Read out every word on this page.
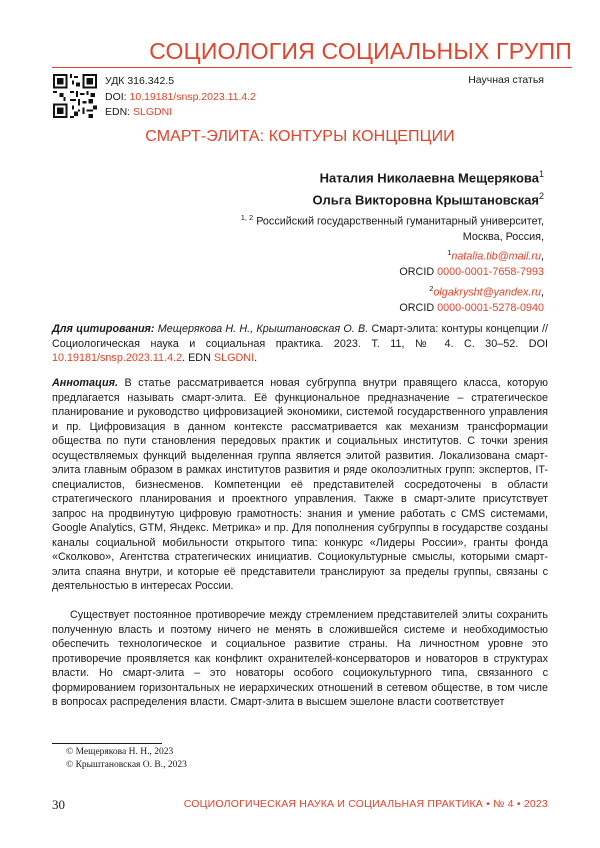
СОЦИОЛОГИЯ СОЦИАЛЬНЫХ ГРУПП
УДК 316.342.5
DOI: 10.19181/snsp.2023.11.4.2
EDN: SLGDNI
Научная статья
СМАРТ-ЭЛИТА: КОНТУРЫ КОНЦЕПЦИИ
Наталия Николаевна Мещерякова$^1$
Ольга Викторовна Крыштановская$^2$
$^{1, 2}$ Российский государственный гуманитарный университет,
Москва, Россия,
$^1$natalia.tib@mail.ru,
ORCID 0000-0001-7658-7993
$^2$olgakrysht@yandex.ru,
ORCID 0000-0001-5278-0940
Для цитирования: Мещерякова Н. Н., Крыштановская О. В. Смарт-элита: контуры концепции // Социологическая наука и социальная практика. 2023. Т. 11, № 4. С. 30–52. DOI 10.19181/snsp.2023.11.4.2. EDN SLGDNI.
Аннотация. В статье рассматривается новая субгруппа внутри правящего класса, которую предлагается называть смарт-элита. Её функциональное предназначение – стратегическое планирование и руководство цифровизацией экономики, системой государственного управления и пр. Цифровизация в данном контексте рассматривается как механизм трансформации общества по пути становления передовых практик и социальных институтов. С точки зрения осуществляемых функций выделенная группа является элитой развития. Локализована смарт-элита главным образом в рамках институтов развития и ряде околоэлитных групп: экспертов, IT-специалистов, бизнесменов. Компетенции её представителей сосредоточены в области стратегического планирования и проектного управления. Также в смарт-элите присутствует запрос на продвинутую цифровую грамотность: знания и умение работать с CMS системами, Google Analytics, GTM, Яндекс. Метрика» и пр. Для пополнения субгруппы в государстве созданы каналы социальной мобильности открытого типа: конкурс «Лидеры России», гранты фонда «Сколково», Агентства стратегических инициатив. Социокультурные смыслы, которыми смарт-элита спаяна внутри, и которые её представители транслируют за пределы группы, связаны с деятельностью в интересах России.
Существует постоянное противоречие между стремлением представителей элиты сохранить полученную власть и поэтому ничего не менять в сложившейся системе и необходимостью обеспечить технологическое и социальное развитие страны. На личностном уровне это противоречие проявляется как конфликт охранителей-консерваторов и новаторов в структурах власти. Но смарт-элита – это новаторы особого социокультурного типа, связанного с формированием горизонтальных не иерархических отношений в сетевом обществе, в том числе в вопросах распределения власти. Смарт-элита в высшем эшелоне власти соответствует
© Мещерякова Н. Н., 2023
© Крыштановская О. В., 2023
30	СОЦИОЛОГИЧЕСКАЯ НАУКА И СОЦИАЛЬНАЯ ПРАКТИКА • № 4 • 2023
